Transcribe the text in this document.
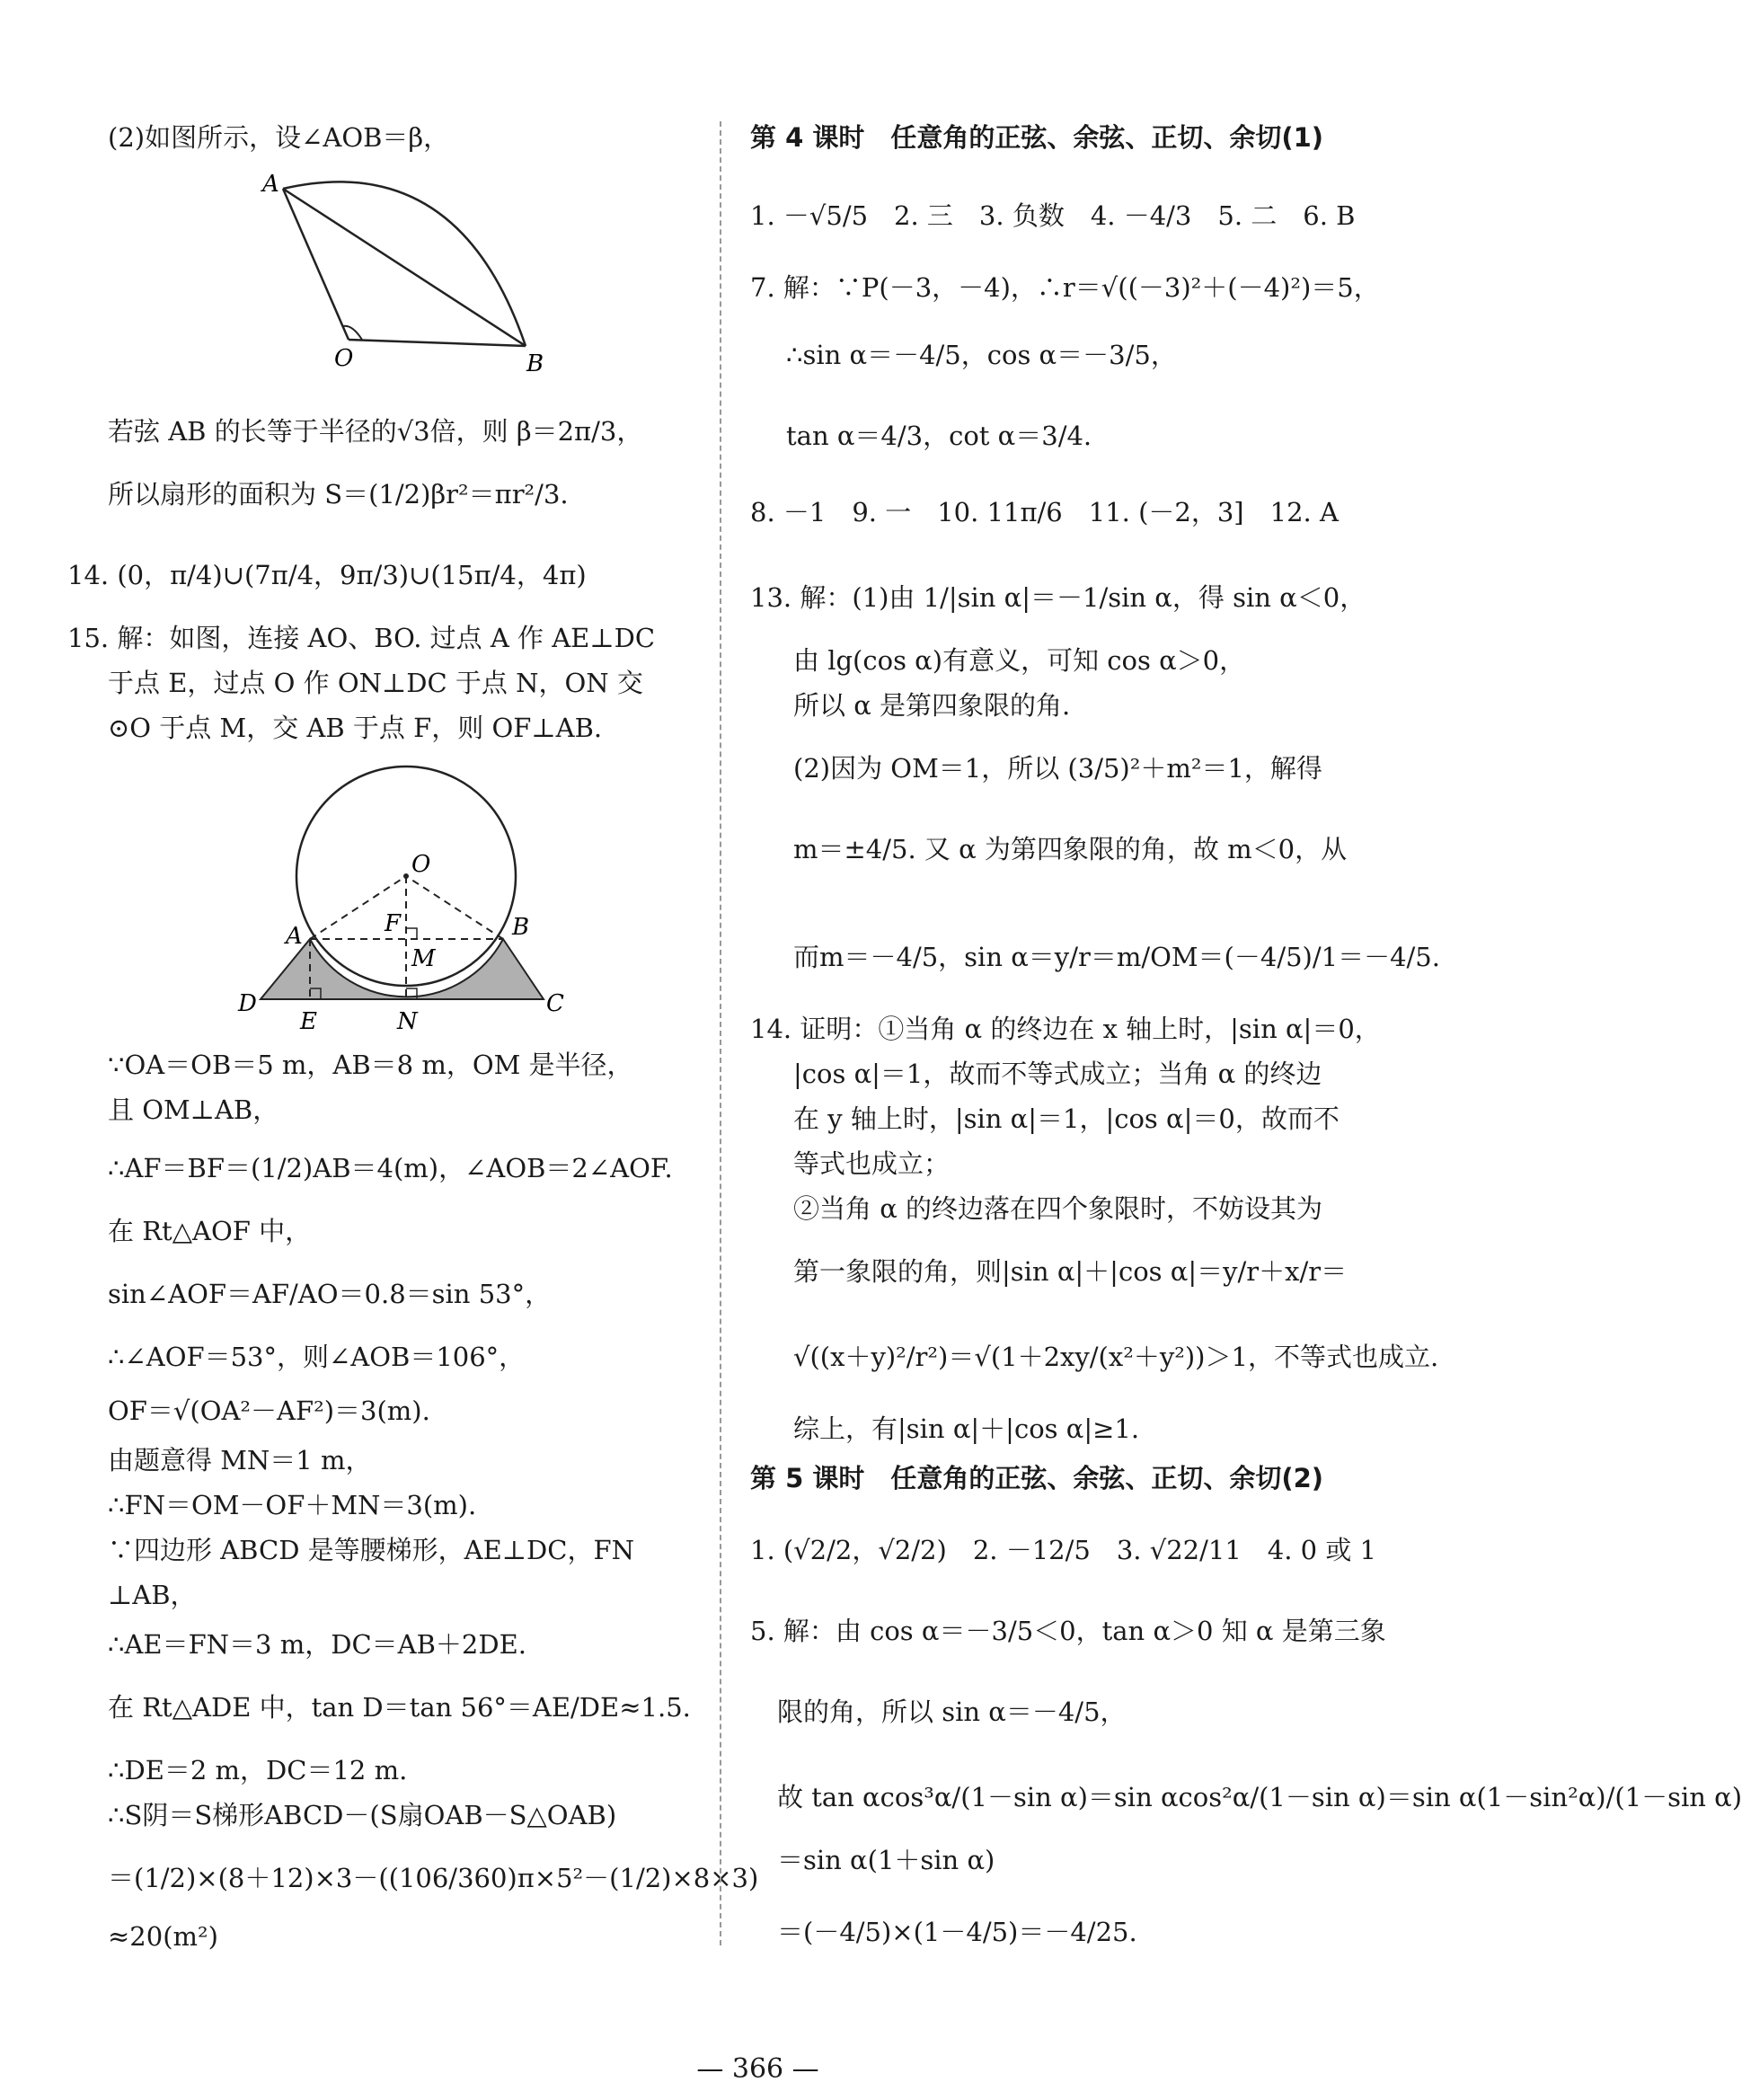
(2)如图所示，设∠AOB＝β，
A
O	B
若弦 AB 的长等于半径的√3倍，则 β＝2π/3，
所以扇形的面积为 S＝(1/2)βr²＝πr²/3.
14. (0，π/4)∪(7π/4，9π/3)∪(15π/4，4π)
15. 解：如图，连接 AO、BO. 过点 A 作 AE⊥DC
于点 E，过点 O 作 ON⊥DC 于点 N，ON 交
⊙O 于点 M，交 AB 于点 F，则 OF⊥AB.
O
A	B
F
M
D
E	N
C
∵OA＝OB＝5 m，AB＝8 m，OM 是半径，
且 OM⊥AB，
∴AF＝BF＝(1/2)AB＝4(m)，∠AOB＝2∠AOF.
在 Rt△AOF 中，
sin∠AOF＝AF/AO＝0.8＝sin 53°，
∴∠AOF＝53°，则∠AOB＝106°，
OF＝√(OA²－AF²)＝3(m).
由题意得 MN＝1 m，
∴FN＝OM－OF＋MN＝3(m).
∵四边形 ABCD 是等腰梯形，AE⊥DC，FN
⊥AB，
∴AE＝FN＝3 m，DC＝AB＋2DE.
在 Rt△ADE 中，tan D＝tan 56°＝AE/DE≈1.5.
∴DE＝2 m，DC＝12 m.
∴S阴＝S梯形ABCD－(S扇OAB－S△OAB)
＝(1/2)×(8＋12)×3－((106/360)π×5²－(1/2)×8×3)
≈20(m²)
第 4 课时　任意角的正弦、余弦、正切、余切(1)
1. －√5/5　2. 三　3. 负数　4. －4/3　5. 二　6. B
7. 解：∵P(－3，－4)，∴r＝√((－3)²＋(－4)²)＝5，
∴sin α＝－4/5，cos α＝－3/5，
tan α＝4/3，cot α＝3/4.
8. －1　9. 一　10. 11π/6　11. (－2，3]　12. A
13. 解：(1)由 1/|sin α|＝－1/sin α，得 sin α＜0，
由 lg(cos α)有意义，可知 cos α＞0，
所以 α 是第四象限的角.
(2)因为 OM＝1，所以 (3/5)²＋m²＝1，解得
m＝±4/5. 又 α 为第四象限的角，故 m＜0，从
而m＝－4/5，sin α＝y/r＝m/OM＝(－4/5)/1＝－4/5.
14. 证明：①当角 α 的终边在 x 轴上时，|sin α|＝0，
|cos α|＝1，故而不等式成立；当角 α 的终边
在 y 轴上时，|sin α|＝1，|cos α|＝0，故而不
等式也成立；
②当角 α 的终边落在四个象限时，不妨设其为
第一象限的角，则|sin α|＋|cos α|＝y/r＋x/r＝
√((x＋y)²/r²)＝√(1＋2xy/(x²＋y²))＞1，不等式也成立.
综上，有|sin α|＋|cos α|≥1.
第 5 课时　任意角的正弦、余弦、正切、余切(2)
1. (√2/2，√2/2)　2. －12/5　3. √22/11　4. 0 或 1
5. 解：由 cos α＝－3/5＜0，tan α＞0 知 α 是第三象
限的角，所以 sin α＝－4/5，
故 tan αcos³α/(1－sin α)＝sin αcos²α/(1－sin α)＝sin α(1－sin²α)/(1－sin α)
＝sin α(1＋sin α)
＝(－4/5)×(1－4/5)＝－4/25.
— 366 —
